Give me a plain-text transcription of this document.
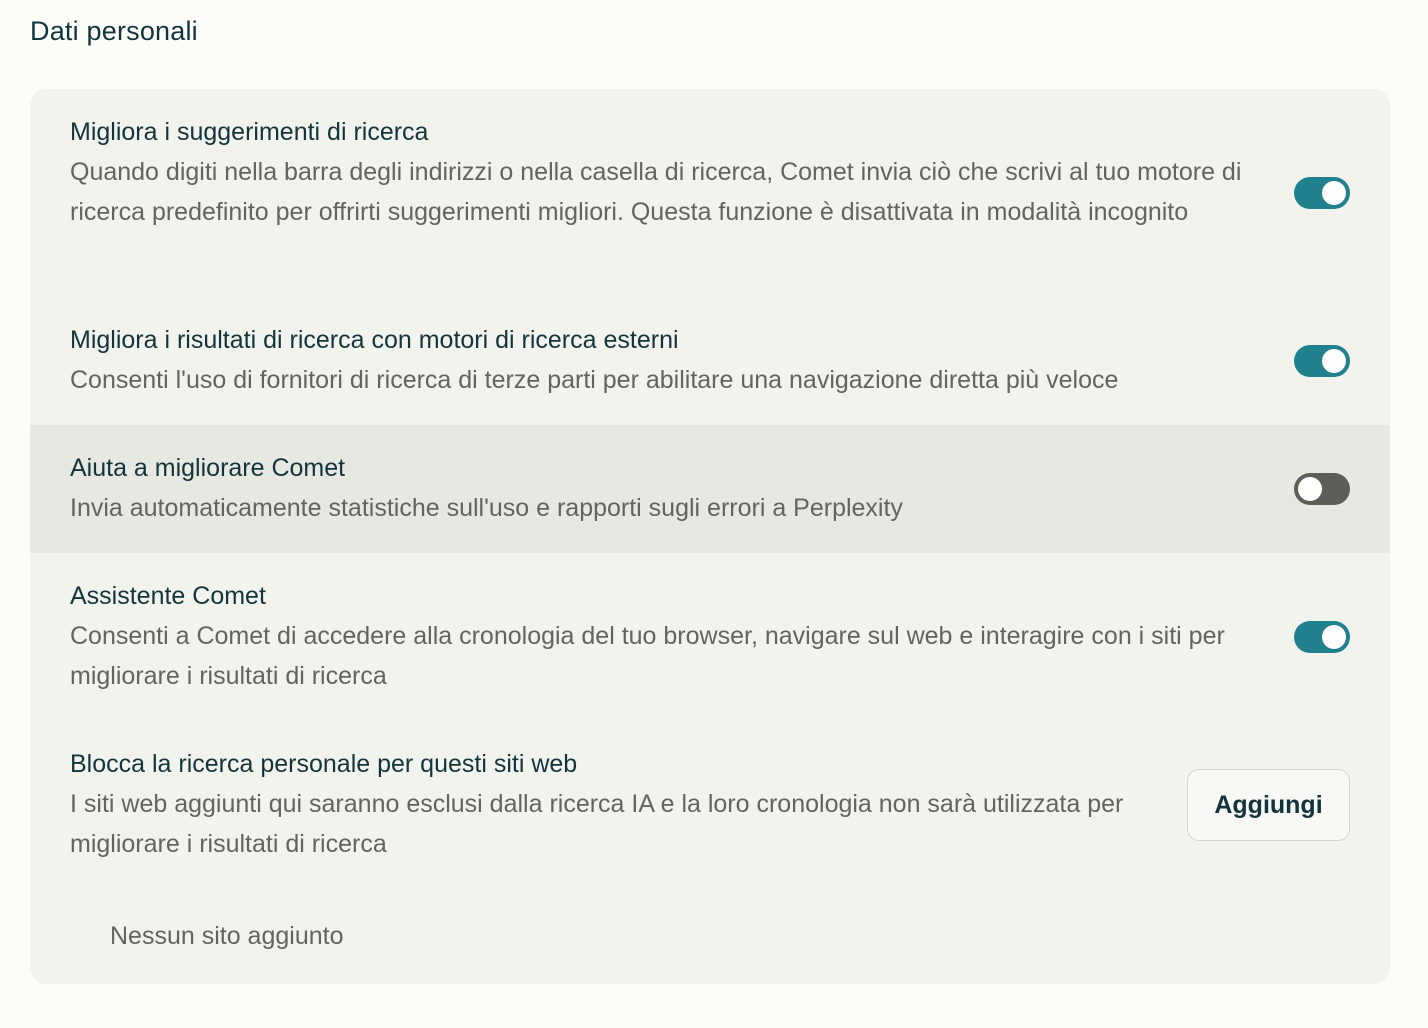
Dati personali
Migliora i suggerimenti di ricerca
Quando digiti nella barra degli indirizzi o nella casella di ricerca, Comet invia ciò che scrivi al tuo motore di ricerca predefinito per offrirti suggerimenti migliori. Questa funzione è disattivata in modalità incognito
Migliora i risultati di ricerca con motori di ricerca esterni
Consenti l'uso di fornitori di ricerca di terze parti per abilitare una navigazione diretta più veloce
Aiuta a migliorare Comet
Invia automaticamente statistiche sull'uso e rapporti sugli errori a Perplexity
Assistente Comet
Consenti a Comet di accedere alla cronologia del tuo browser, navigare sul web e interagire con i siti per migliorare i risultati di ricerca
Blocca la ricerca personale per questi siti web
I siti web aggiunti qui saranno esclusi dalla ricerca IA e la loro cronologia non sarà utilizzata per migliorare i risultati di ricerca
Aggiungi
Nessun sito aggiunto
